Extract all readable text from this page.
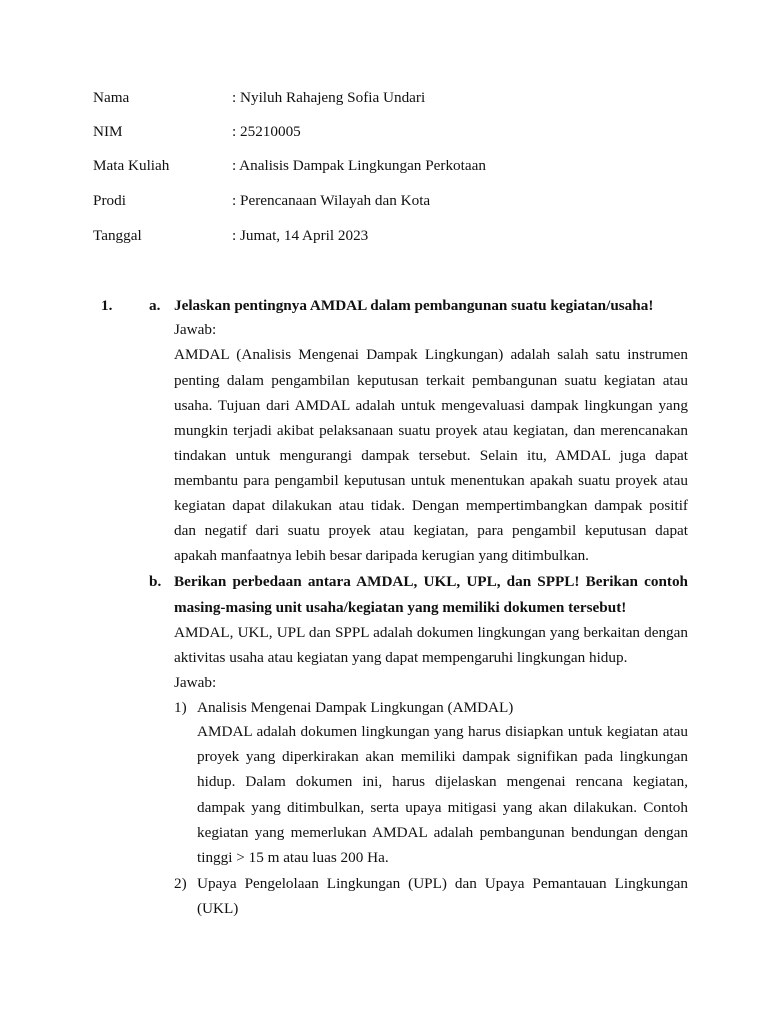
Nama	: Nyiluh Rahajeng Sofia Undari
NIM	: 25210005
Mata Kuliah	: Analisis Dampak Lingkungan Perkotaan
Prodi	: Perencanaan Wilayah dan Kota
Tanggal	: Jumat, 14 April 2023
1. a. Jelaskan pentingnya AMDAL dalam pembangunan suatu kegiatan/usaha!
Jawab:
AMDAL (Analisis Mengenai Dampak Lingkungan) adalah salah satu instrumen
penting dalam pengambilan keputusan terkait pembangunan suatu kegiatan atau
usaha. Tujuan dari AMDAL adalah untuk mengevaluasi dampak lingkungan yang
mungkin terjadi akibat pelaksanaan suatu proyek atau kegiatan, dan merencanakan
tindakan untuk mengurangi dampak tersebut. Selain itu, AMDAL juga dapat
membantu para pengambil keputusan untuk menentukan apakah suatu proyek atau
kegiatan dapat dilakukan atau tidak. Dengan mempertimbangkan dampak positif
dan negatif dari suatu proyek atau kegiatan, para pengambil keputusan dapat
apakah manfaatnya lebih besar daripada kerugian yang ditimbulkan.
b. Berikan perbedaan antara AMDAL, UKL, UPL, dan SPPL! Berikan contoh
masing-masing unit usaha/kegiatan yang memiliki dokumen tersebut!
AMDAL, UKL, UPL dan SPPL adalah dokumen lingkungan yang berkaitan dengan
aktivitas usaha atau kegiatan yang dapat mempengaruhi lingkungan hidup.
Jawab:
1) Analisis Mengenai Dampak Lingkungan (AMDAL)
AMDAL adalah dokumen lingkungan yang harus disiapkan untuk kegiatan atau
proyek yang diperkirakan akan memiliki dampak signifikan pada lingkungan
hidup. Dalam dokumen ini, harus dijelaskan mengenai rencana kegiatan,
dampak yang ditimbulkan, serta upaya mitigasi yang akan dilakukan. Contoh
kegiatan yang memerlukan AMDAL adalah pembangunan bendungan dengan
tinggi > 15 m atau luas 200 Ha.
2) Upaya Pengelolaan Lingkungan (UPL) dan Upaya Pemantauan Lingkungan
(UKL)
